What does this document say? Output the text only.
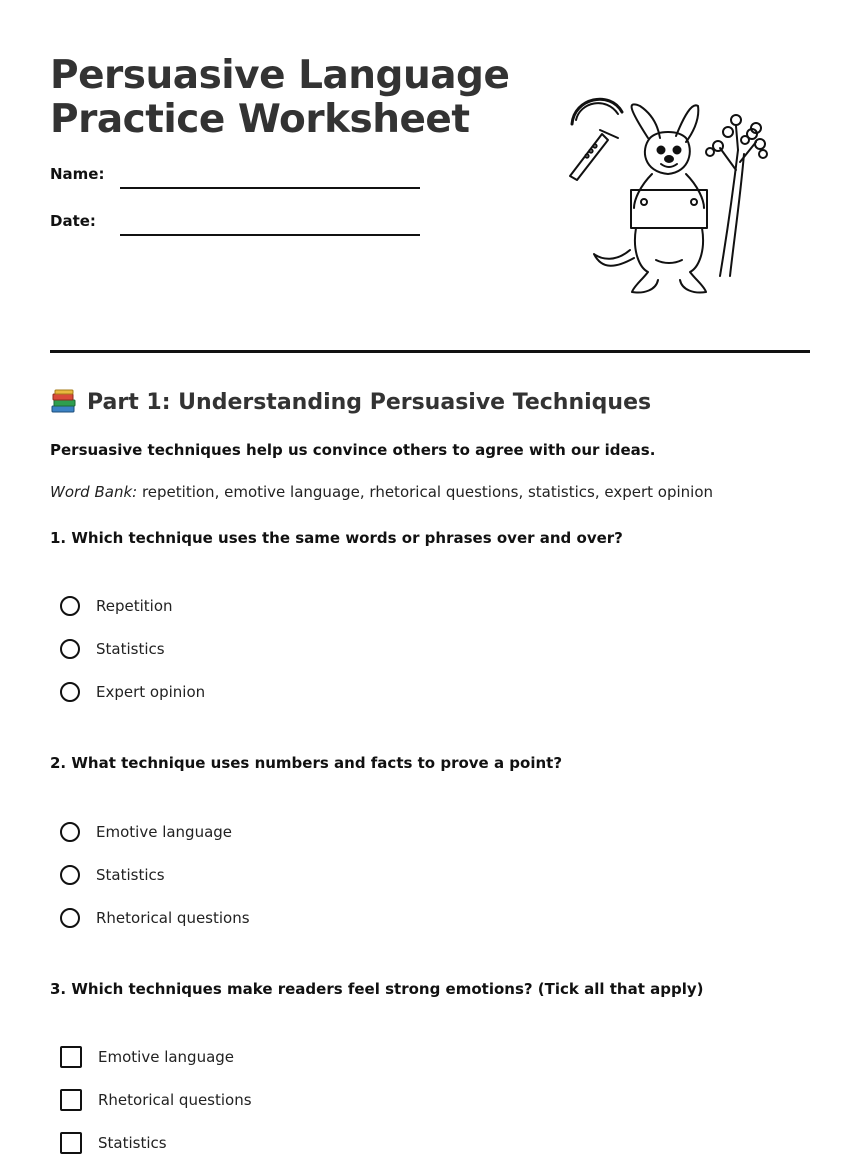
Persuasive Language
Practice Worksheet
Name:
Date:
Part 1: Understanding Persuasive Techniques
Persuasive techniques help us convince others to agree with our ideas.
Word Bank: repetition, emotive language, rhetorical questions, statistics, expert opinion
1. Which technique uses the same words or phrases over and over?
Repetition
Statistics
Expert opinion
2. What technique uses numbers and facts to prove a point?
Emotive language
Statistics
Rhetorical questions
3. Which techniques make readers feel strong emotions? (Tick all that apply)
Emotive language
Rhetorical questions
Statistics
